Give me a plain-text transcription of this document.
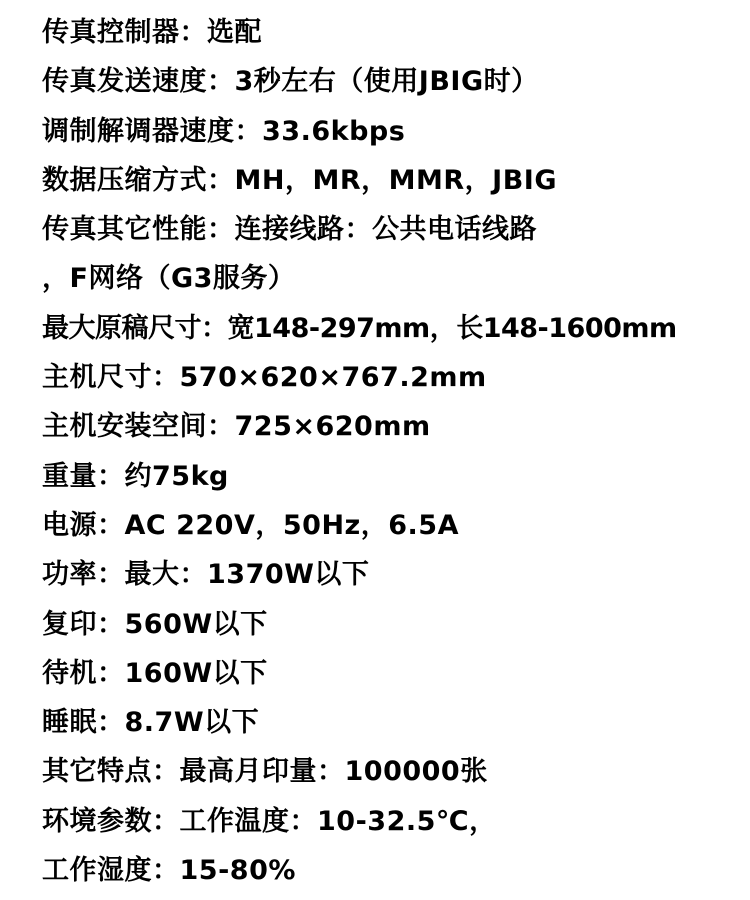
传真控制器：选配
传真发送速度：3秒左右（使用JBIG时）
调制解调器速度：33.6kbps
数据压缩方式：MH，MR，MMR，JBIG
传真其它性能：连接线路：公共电话线路
，F网络（G3服务）
最大原稿尺寸：宽148-297mm，长148-1600mm
主机尺寸：570×620×767.2mm
主机安装空间：725×620mm
重量：约75kg
电源：AC 220V，50Hz，6.5A
功率：最大：1370W以下
复印：560W以下
待机：160W以下
睡眠：8.7W以下
其它特点：最高月印量：100000张
环境参数：工作温度：10-32.5℃，
工作湿度：15-80%
